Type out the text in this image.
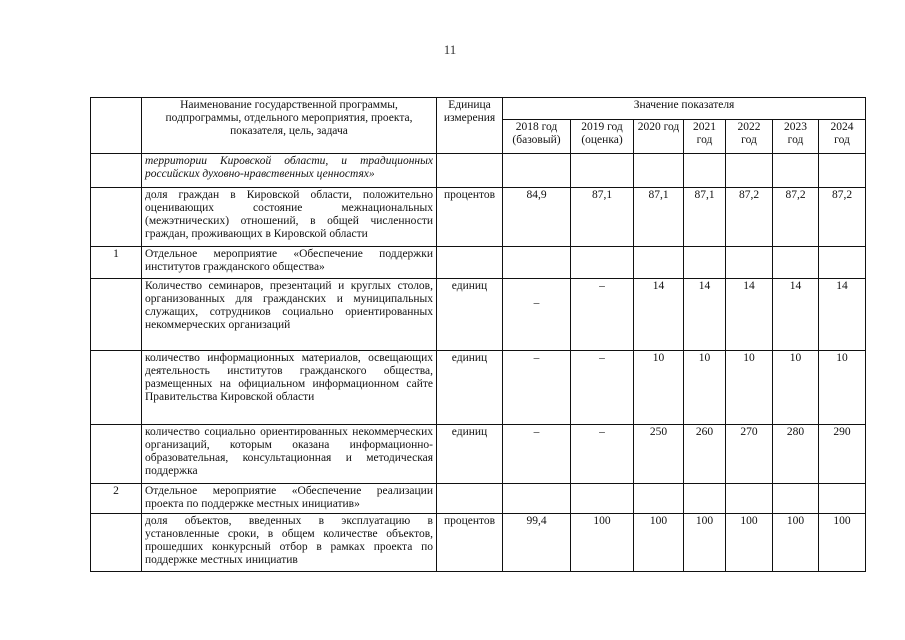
11
	Наименование государственной программы, подпрограммы, отдельного мероприятия, проекта, показателя, цель, задача	Единица измерения	Значение показателя						
			2018 год (базовый)	2019 год (оценка)	2020 год	2021 год	2022 год	2023 год	2024 год
	территории Кировской области, и традиционных российских духовно-нравственных ценностях»								
	доля граждан в Кировской области, положительно оценивающих состояние межнациональных (межэтнических) отношений, в общей численности граждан, проживающих в Кировской области	процентов	84,9	87,1	87,1	87,1	87,2	87,2	87,2
1	Отдельное мероприятие «Обеспечение поддержки институтов гражданского общества»								
	Количество семинаров, презентаций и круглых столов, организованных для гражданских и муниципальных служащих, сотрудников социально ориентированных некоммерческих организаций	единиц	–	–	14	14	14	14	14
	количество информационных материалов, освещающих деятельность институтов гражданского общества, размещенных на официальном информационном сайте Правительства Кировской области	единиц	–	–	10	10	10	10	10
	количество социально ориентированных некоммерческих организаций, которым оказана информационно-образовательная, консультационная и методическая поддержка	единиц	–	–	250	260	270	280	290
2	Отдельное мероприятие «Обеспечение реализации проекта по поддержке местных инициатив»								
	доля объектов, введенных в эксплуатацию в установленные сроки, в общем количестве объектов, прошедших конкурсный отбор в рамках проекта по поддержке местных инициатив	процентов	99,4	100	100	100	100	100	100
